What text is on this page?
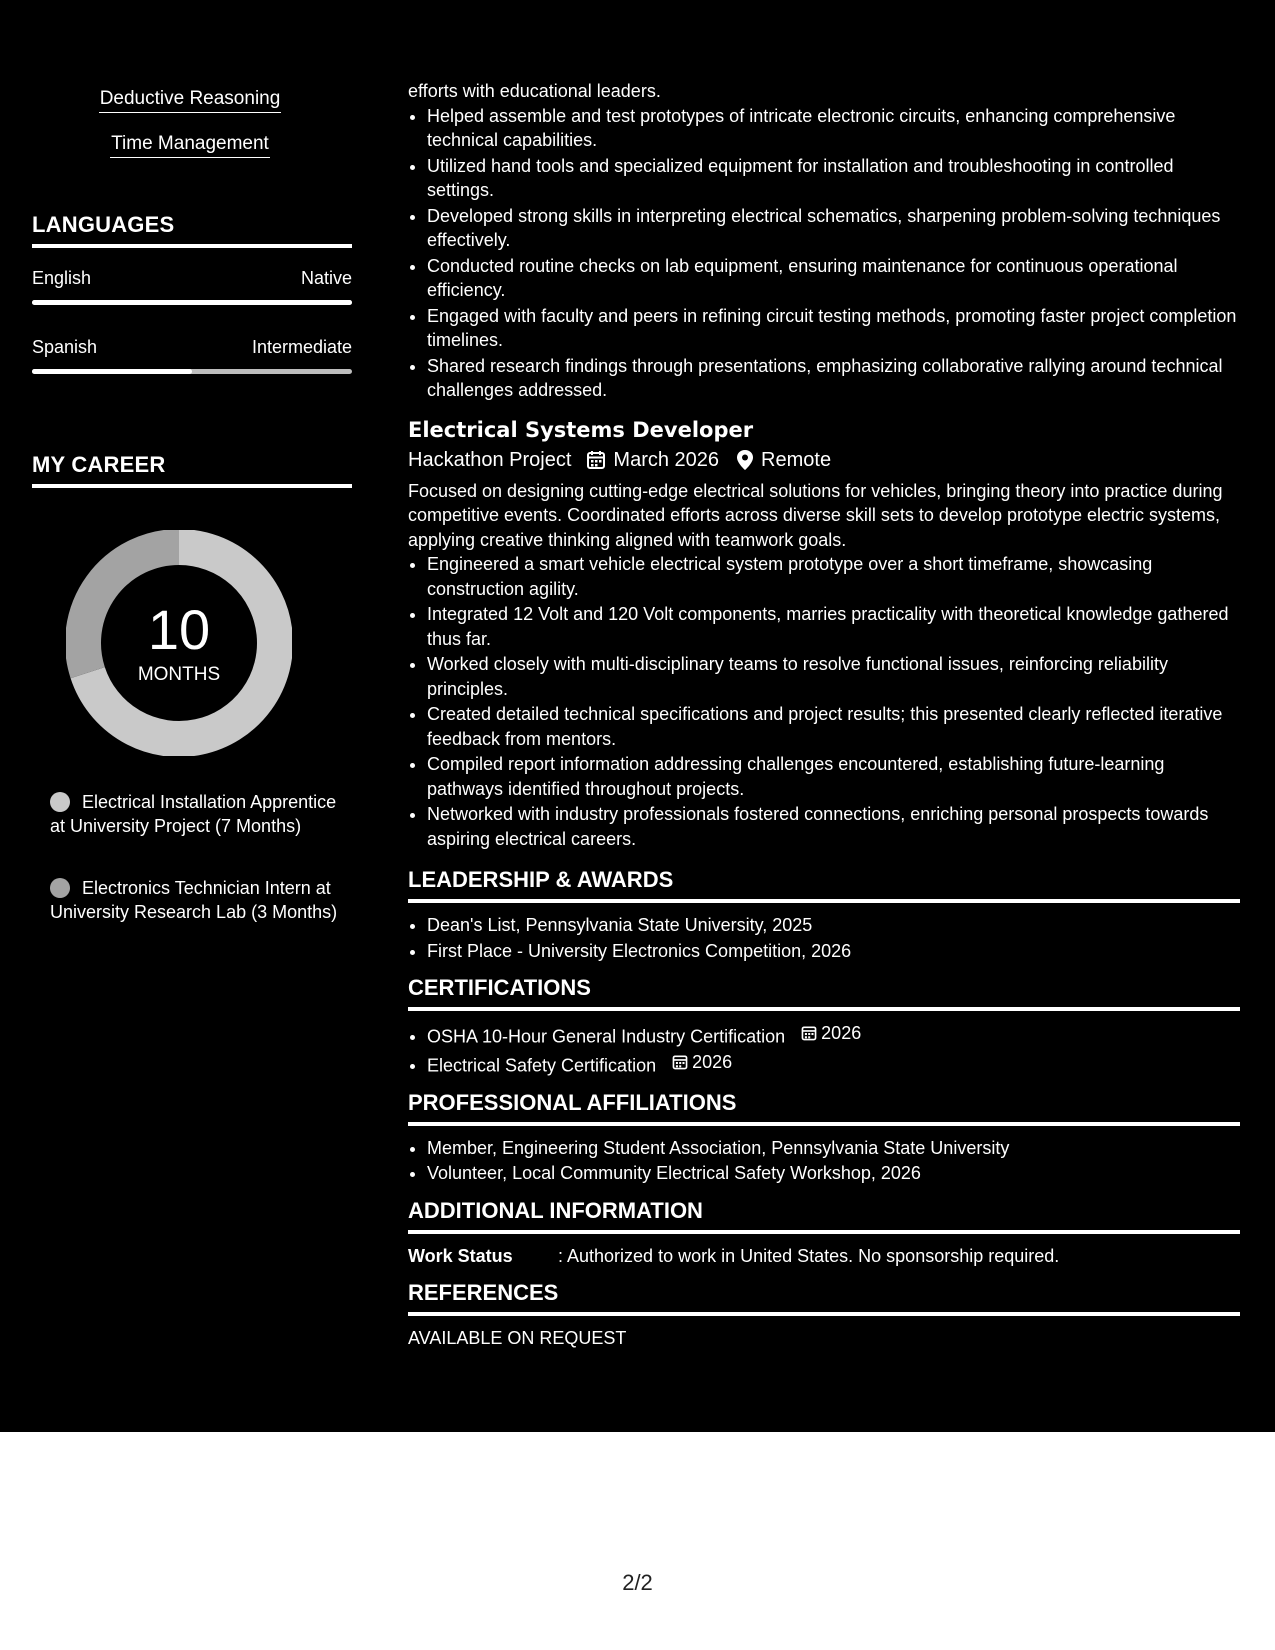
Deductive Reasoning
Time Management
LANGUAGES
English	Native
Spanish	Intermediate
MY CAREER
10
MONTHS
Electrical Installation Apprentice at University Project (7 Months)
Electronics Technician Intern at University Research Lab (3 Months)
efforts with educational leaders.
• Helped assemble and test prototypes of intricate electronic circuits, enhancing comprehensive technical capabilities.
• Utilized hand tools and specialized equipment for installation and troubleshooting in controlled settings.
• Developed strong skills in interpreting electrical schematics, sharpening problem-solving techniques effectively.
• Conducted routine checks on lab equipment, ensuring maintenance for continuous operational efficiency.
• Engaged with faculty and peers in refining circuit testing methods, promoting faster project completion timelines.
• Shared research findings through presentations, emphasizing collaborative rallying around technical challenges addressed.
Electrical Systems Developer
Hackathon Project March 2026 Remote
Focused on designing cutting-edge electrical solutions for vehicles, bringing theory into practice during competitive events. Coordinated efforts across diverse skill sets to develop prototype electric systems, applying creative thinking aligned with teamwork goals.
• Engineered a smart vehicle electrical system prototype over a short timeframe, showcasing construction agility.
• Integrated 12 Volt and 120 Volt components, marries practicality with theoretical knowledge gathered thus far.
• Worked closely with multi-disciplinary teams to resolve functional issues, reinforcing reliability principles.
• Created detailed technical specifications and project results; this presented clearly reflected iterative feedback from mentors.
• Compiled report information addressing challenges encountered, establishing future-learning pathways identified throughout projects.
• Networked with industry professionals fostered connections, enriching personal prospects towards aspiring electrical careers.
LEADERSHIP & AWARDS
• Dean's List, Pennsylvania State University, 2025
• First Place - University Electronics Competition, 2026
CERTIFICATIONS
• OSHA 10-Hour General Industry Certification 2026
• Electrical Safety Certification 2026
PROFESSIONAL AFFILIATIONS
• Member, Engineering Student Association, Pennsylvania State University
• Volunteer, Local Community Electrical Safety Workshop, 2026
ADDITIONAL INFORMATION
Work Status	: Authorized to work in United States. No sponsorship required.
REFERENCES
AVAILABLE ON REQUEST
2/2
